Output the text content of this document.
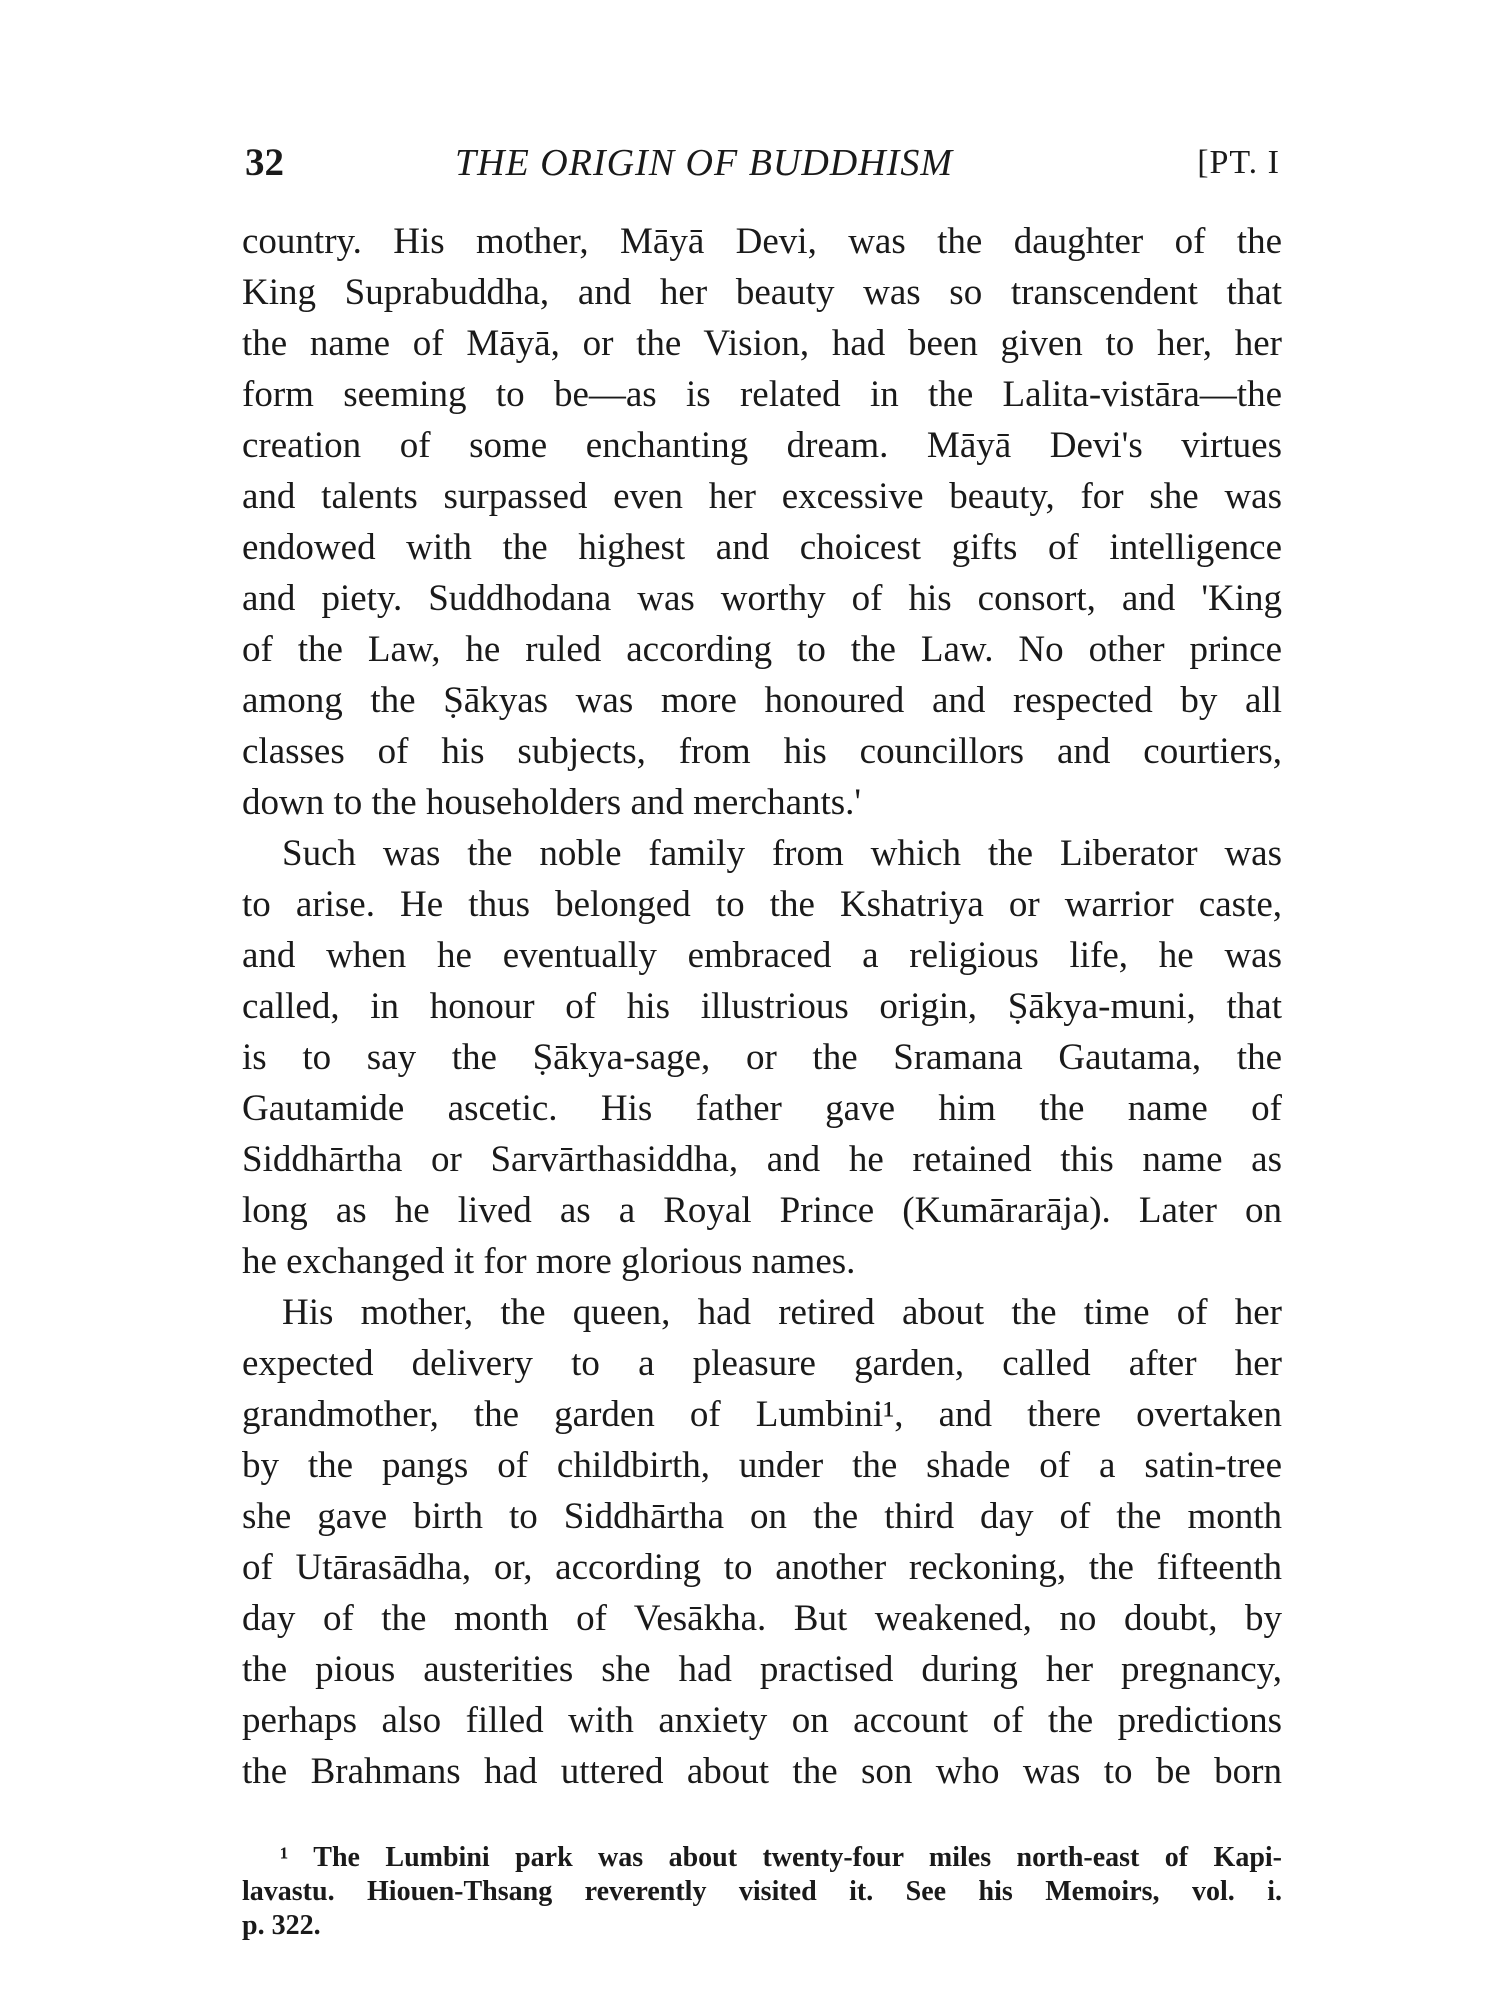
32	THE ORIGIN OF BUDDHISM	[PT. I
country. His mother, Māyā Devi, was the daughter of the
King Suprabuddha, and her beauty was so transcendent that
the name of Māyā, or the Vision, had been given to her, her
form seeming to be—as is related in the Lalita-vistāra—the
creation of some enchanting dream. Māyā Devi's virtues
and talents surpassed even her excessive beauty, for she was
endowed with the highest and choicest gifts of intelligence
and piety. Suddhodana was worthy of his consort, and 'King
of the Law, he ruled according to the Law. No other prince
among the Ṣākyas was more honoured and respected by all
classes of his subjects, from his councillors and courtiers,
down to the householders and merchants.'
Such was the noble family from which the Liberator was
to arise. He thus belonged to the Kshatriya or warrior caste,
and when he eventually embraced a religious life, he was
called, in honour of his illustrious origin, Ṣākya-muni, that
is to say the Ṣākya-sage, or the Sramana Gautama, the
Gautamide ascetic. His father gave him the name of
Siddhārtha or Sarvārthasiddha, and he retained this name as
long as he lived as a Royal Prince (Kumārarāja). Later on
he exchanged it for more glorious names.
His mother, the queen, had retired about the time of her
expected delivery to a pleasure garden, called after her
grandmother, the garden of Lumbini¹, and there overtaken
by the pangs of childbirth, under the shade of a satin-tree
she gave birth to Siddhārtha on the third day of the month
of Utārasādha, or, according to another reckoning, the fifteenth
day of the month of Vesākha. But weakened, no doubt, by
the pious austerities she had practised during her pregnancy,
perhaps also filled with anxiety on account of the predictions
the Brahmans had uttered about the son who was to be born
¹ The Lumbini park was about twenty-four miles north-east of Kapi-
lavastu. Hiouen-Thsang reverently visited it. See his Memoirs, vol. i.
p. 322.
